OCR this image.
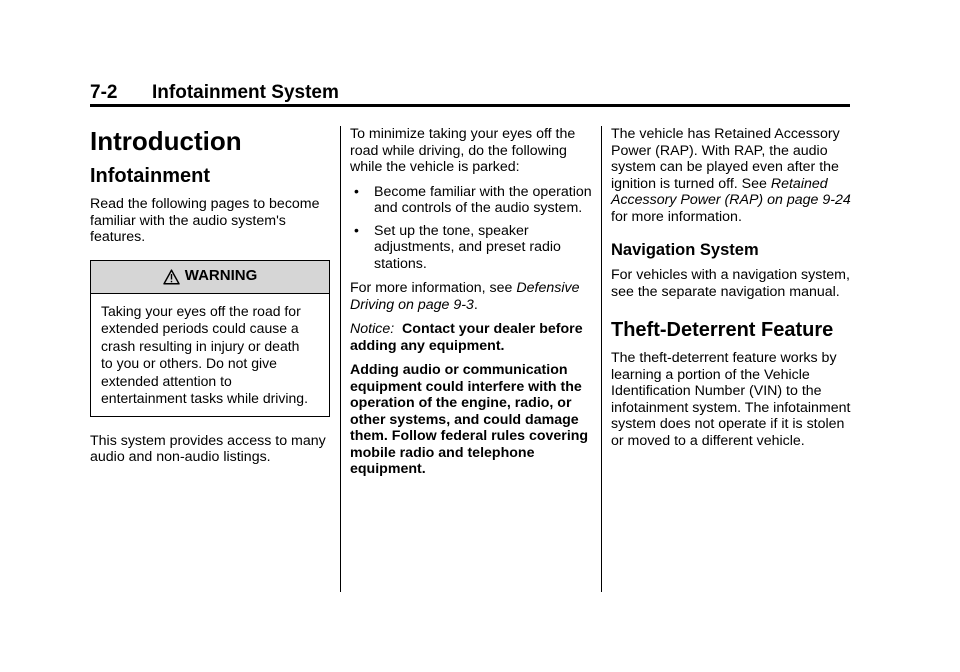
7-2 Infotainment System
Introduction
Infotainment

Read the following pages to become familiar with the audio system's features.

WARNING
Taking your eyes off the road for
extended periods could cause a
crash resulting in injury or death
to you or others. Do not give
extended attention to
entertainment tasks while driving.

This system provides access to many audio and non-audio listings.

To minimize taking your eyes off the road while driving, do the following while the vehicle is parked:

• Become familiar with the operation and controls of the audio system.
• Set up the tone, speaker adjustments, and preset radio stations.

For more information, see Defensive Driving on page 9-3.

Notice: Contact your dealer before adding any equipment.

Adding audio or communication equipment could interfere with the operation of the engine, radio, or other systems, and could damage them. Follow federal rules covering mobile radio and telephone equipment.

The vehicle has Retained Accessory Power (RAP). With RAP, the audio system can be played even after the ignition is turned off. See Retained Accessory Power (RAP) on page 9-24 for more information.

Navigation System

For vehicles with a navigation system, see the separate navigation manual.

Theft-Deterrent Feature

The theft-deterrent feature works by learning a portion of the Vehicle Identification Number (VIN) to the infotainment system. The infotainment system does not operate if it is stolen or moved to a different vehicle.
